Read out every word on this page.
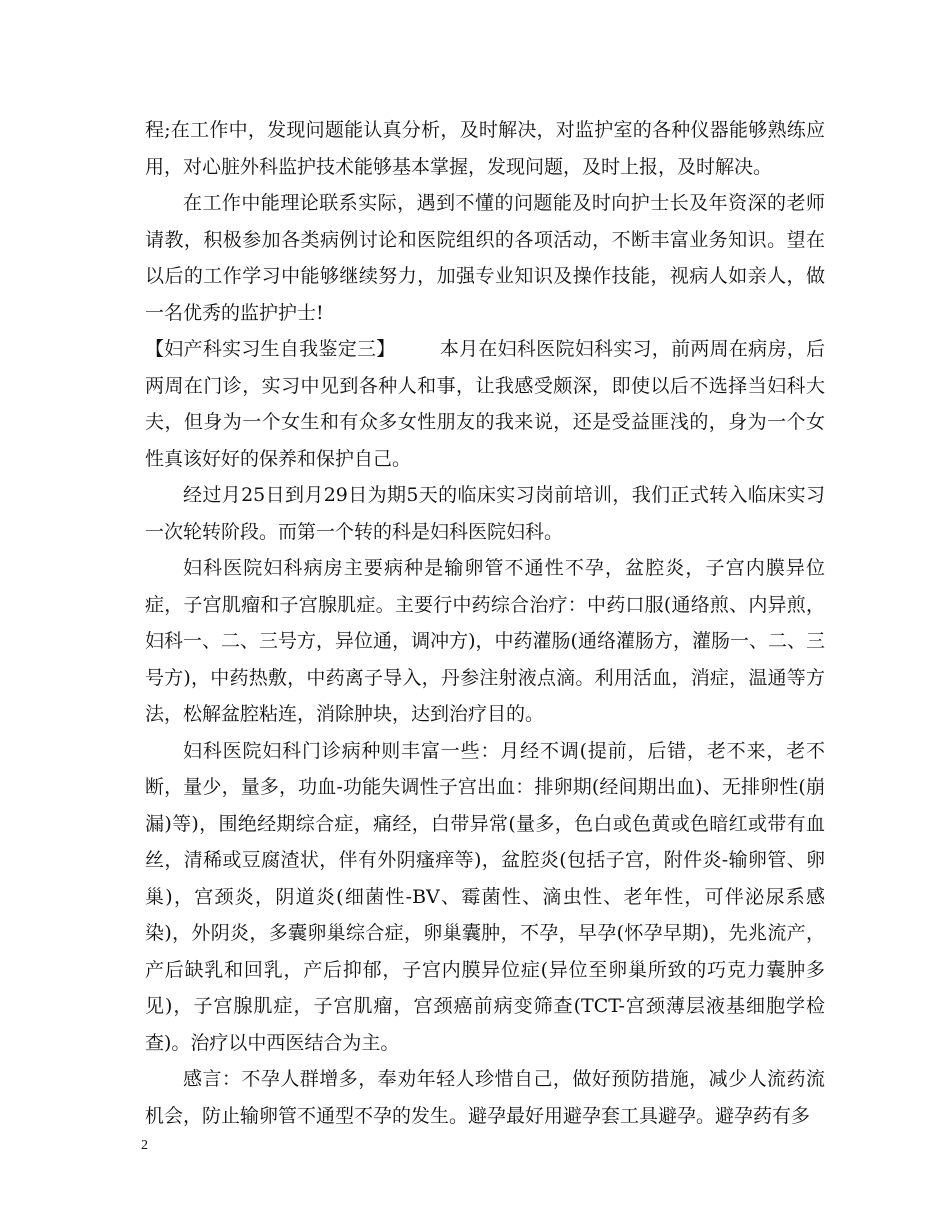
程;在工作中，发现问题能认真分析，及时解决，对监护室的各种仪器能够熟练应用，对心脏外科监护技术能够基本掌握，发现问题，及时上报，及时解决。

在工作中能理论联系实际，遇到不懂的问题能及时向护士长及年资深的老师请教，积极参加各类病例讨论和医院组织的各项活动，不断丰富业务知识。望在以后的工作学习中能够继续努力，加强专业知识及操作技能，视病人如亲人，做一名优秀的监护护士!

【妇产科实习生自我鉴定三】 本月在妇科医院妇科实习，前两周在病房，后两周在门诊，实习中见到各种人和事，让我感受颇深，即使以后不选择当妇科大夫，但身为一个女生和有众多女性朋友的我来说，还是受益匪浅的，身为一个女性真该好好的保养和保护自己。

经过月25日到月29日为期5天的临床实习岗前培训，我们正式转入临床实习一次轮转阶段。而第一个转的科是妇科医院妇科。

妇科医院妇科病房主要病种是输卵管不通性不孕，盆腔炎，子宫内膜异位症，子宫肌瘤和子宫腺肌症。主要行中药综合治疗：中药口服(通络煎、内异煎，妇科一、二、三号方，异位通，调冲方)，中药灌肠(通络灌肠方，灌肠一、二、三号方)，中药热敷，中药离子导入，丹参注射液点滴。利用活血，消症，温通等方法，松解盆腔粘连，消除肿块，达到治疗目的。

妇科医院妇科门诊病种则丰富一些：月经不调(提前，后错，老不来，老不断，量少，量多，功血-功能失调性子宫出血：排卵期(经间期出血)、无排卵性(崩漏)等)，围绝经期综合症，痛经，白带异常(量多，色白或色黄或色暗红或带有血丝，清稀或豆腐渣状，伴有外阴瘙痒等)，盆腔炎(包括子宫，附件炎-输卵管、卵巢)，宫颈炎，阴道炎(细菌性-BV、霉菌性、滴虫性、老年性，可伴泌尿系感染)，外阴炎，多囊卵巢综合症，卵巢囊肿，不孕，早孕(怀孕早期)，先兆流产，产后缺乳和回乳，产后抑郁，子宫内膜异位症(异位至卵巢所致的巧克力囊肿多见)，子宫腺肌症，子宫肌瘤，宫颈癌前病变筛查(TCT-宫颈薄层液基细胞学检查)。治疗以中西医结合为主。

感言：不孕人群增多，奉劝年轻人珍惜自己，做好预防措施，减少人流药流机会，防止输卵管不通型不孕的发生。避孕最好用避孕套工具避孕。避孕药有多

2
